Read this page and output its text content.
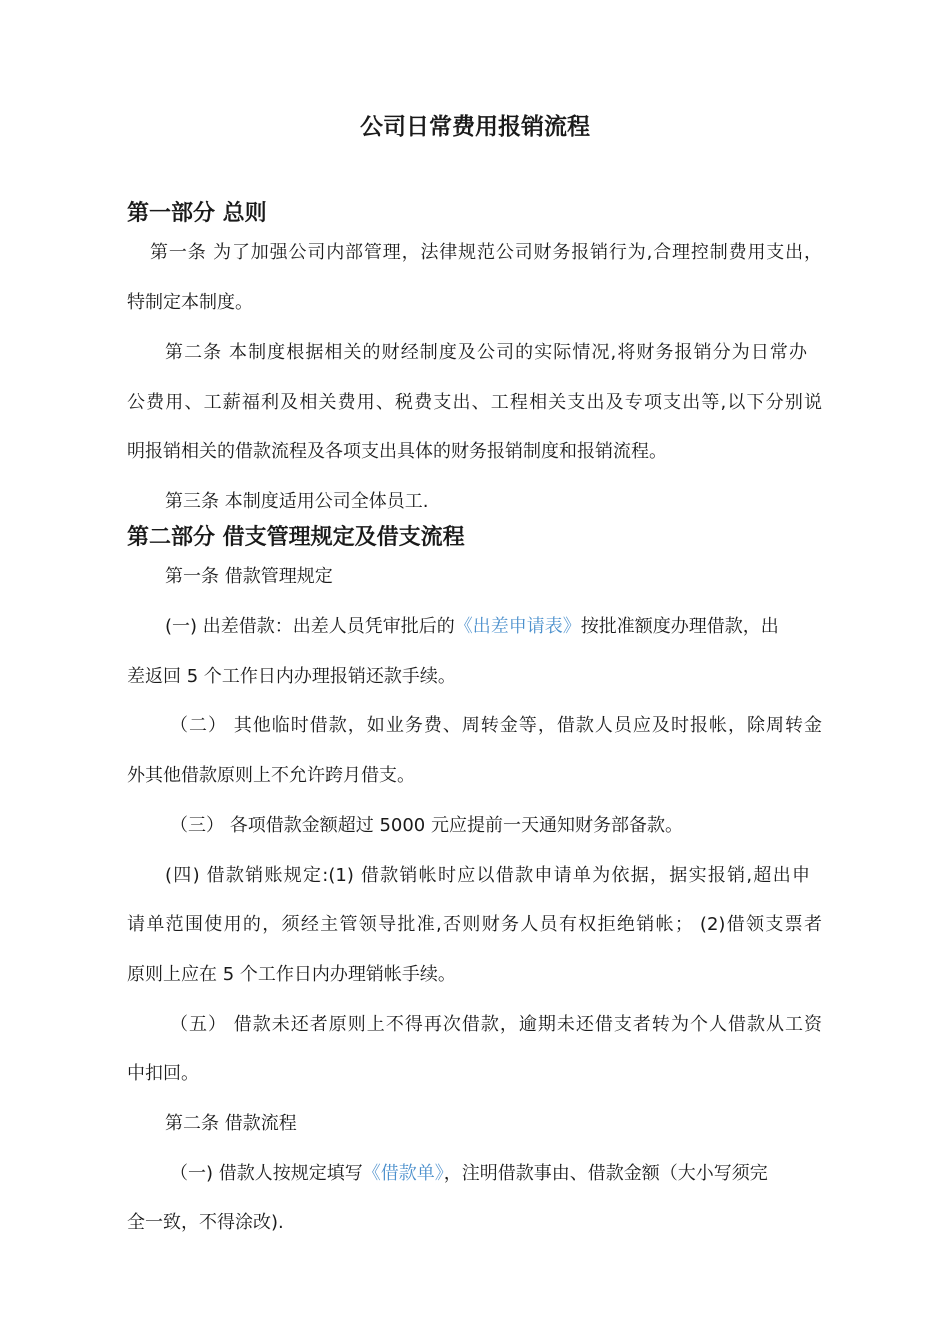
公司日常费用报销流程
第一部分 总则

第一条 为了加强公司内部管理，法律规范公司财务报销行为,合理控制费用支出，

特制定本制度。

第二条 本制度根据相关的财经制度及公司的实际情况,将财务报销分为日常办

公费用、工薪福利及相关费用、税费支出、工程相关支出及专项支出等,以下分别说

明报销相关的借款流程及各项支出具体的财务报销制度和报销流程。

第三条 本制度适用公司全体员工.

第二部分 借支管理规定及借支流程

第一条 借款管理规定

(一) 出差借款：出差人员凭审批后的《出差申请表》按批准额度办理借款，出

差返回 5 个工作日内办理报销还款手续。

（二） 其他临时借款，如业务费、周转金等，借款人员应及时报帐，除周转金

外其他借款原则上不允许跨月借支。

（三） 各项借款金额超过 5000 元应提前一天通知财务部备款。

(四) 借款销账规定:(1) 借款销帐时应以借款申请单为依据，据实报销,超出申

请单范围使用的，须经主管领导批准,否则财务人员有权拒绝销帐； (2)借领支票者

原则上应在 5 个工作日内办理销帐手续。

（五） 借款未还者原则上不得再次借款，逾期未还借支者转为个人借款从工资

中扣回。

第二条 借款流程

（一) 借款人按规定填写《借款单》，注明借款事由、借款金额（大小写须完

全一致，不得涂改).
